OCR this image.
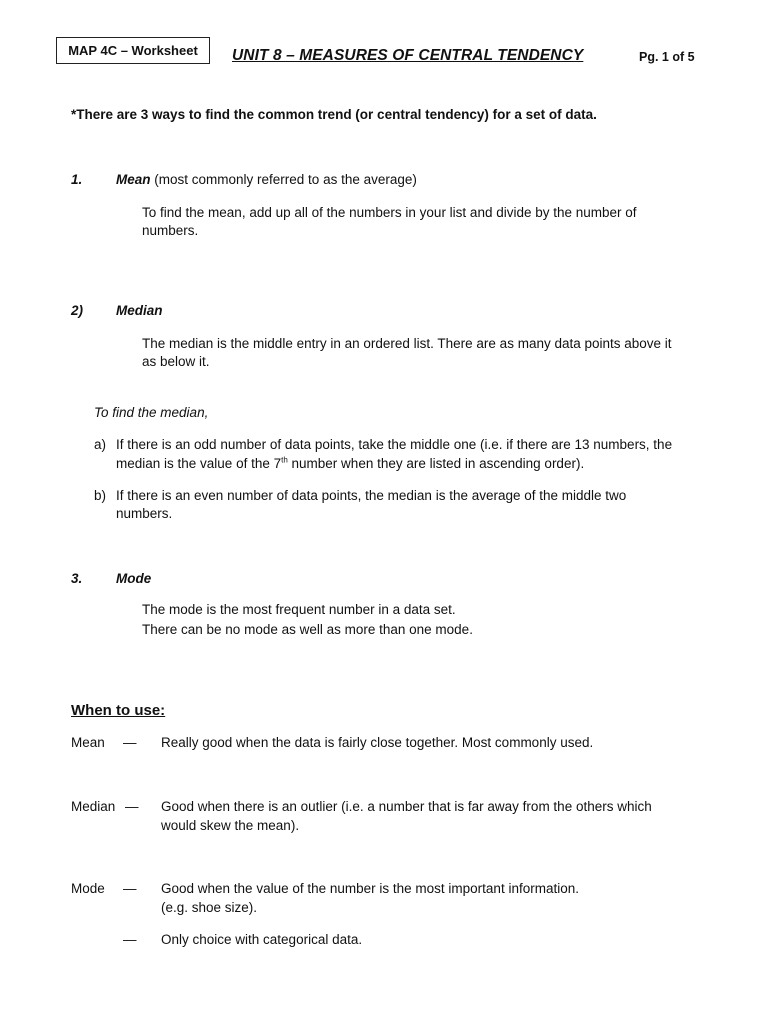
MAP 4C – Worksheet UNIT 8 – MEASURES OF CENTRAL TENDENCY	Pg. 1 of 5
*There are 3 ways to find the common trend (or central tendency) for a set of data.
1. Mean (most commonly referred to as the average)
To find the mean, add up all of the numbers in your list and divide by the number of
numbers.
2) Median
The median is the middle entry in an ordered list. There are as many data points above it
as below it.
To find the median,
a) If there is an odd number of data points, take the middle one (i.e. if there are 13 numbers, the
median is the value of the 7th number when they are listed in ascending order).
b) If there is an even number of data points, the median is the average of the middle two
numbers.
3. Mode
The mode is the most frequent number in a data set.
There can be no mode as well as more than one mode.
When to use:
Mean — Really good when the data is fairly close together. Most commonly used.
Median — Good when there is an outlier (i.e. a number that is far away from the others which
would skew the mean).
Mode — Good when the value of the number is the most important information.
(e.g. shoe size).
— Only choice with categorical data.
